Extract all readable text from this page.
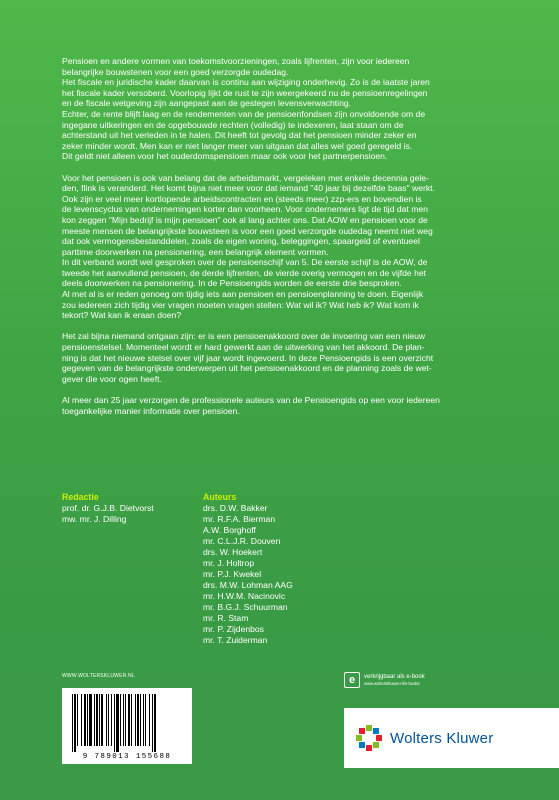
Pensioen en andere vormen van toekomstvoorzieningen, zoals lijfrenten, zijn voor iedereen

belangrijke bouwstenen voor een goed verzorgde oudedag.

Het fiscale en juridische kader daarvan is continu aan wijziging onderhevig. Zo is de laatste jaren

het fiscale kader versoberd. Voorlopig lijkt de rust te zijn weergekeerd nu de pensioenregelingen

en de fiscale wetgeving zijn aangepast aan de gestegen levensverwachting.

Echter, de rente blijft laag en de rendementen van de pensioenfondsen zijn onvoldoende om de

ingegane uitkeringen en de opgebouwde rechten (volledig) te indexeren, laat staan om de

achterstand uit het verleden in te halen. Dit heeft tot gevolg dat het pensioen minder zeker en

zeker minder wordt. Men kan er niet langer meer van uitgaan dat alles wel goed geregeld is.

Dit geldt niet alleen voor het ouderdomspensioen maar ook voor het partnerpensioen.

Voor het pensioen is ook van belang dat de arbeidsmarkt, vergeleken met enkele decennia gele-

den, flink is veranderd. Het komt bijna niet meer voor dat iemand "40 jaar bij dezelfde baas" werkt.

Ook zijn er veel meer kortlopende arbeidscontracten en (steeds meer) zzp-ers en bovendien is

de levenscyclus van ondernemingen korter dan voorheen. Voor ondernemers ligt de tijd dat men

kon zeggen "Mijn bedrijf is mijn pensioen" ook al lang achter ons. Dat AOW en pensioen voor de

meeste mensen de belangrijkste bouwsteen is voor een goed verzorgde oudedag neemt niet weg

dat ook vermogensbestanddelen, zoals de eigen woning, beleggingen, spaargeld of eventueel

parttime doorwerken na pensionering, een belangrijk element vormen.

In dit verband wordt wel gesproken over de pensioenschijf van 5. De eerste schijf is de AOW, de

tweede het aanvullend pensioen, de derde lijfrenten, de vierde overig vermogen en de vijfde het

deels doorwerken na pensionering. In de Pensioengids worden de eerste drie besproken.

Al met al is er reden genoeg om tijdig iets aan pensioen en pensioenplanning te doen. Eigenlijk

zou iedereen zich tijdig vier vragen moeten vragen stellen: Wat wil ik? Wat heb ik? Wat kom ik

tekort? Wat kan ik eraan doen?

Het zal bijna niemand ontgaan zijn: er is een pensioenakkoord over de invoering van een nieuw

pensioenstelsel. Momenteel wordt er hard gewerkt aan de uitwerking van het akkoord. De plan-

ning is dat het nieuwe stelsel over vijf jaar wordt ingevoerd. In deze Pensioengids is een overzicht

gegeven van de belangrijkste onderwerpen uit het pensioenakkoord en de planning zoals de wet-

gever die voor ogen heeft.

Al meer dan 25 jaar verzorgen de professionele auteurs van de Pensioengids op een voor iedereen

toegankelijke manier informatie over pensioen.

Redactie
prof. dr. G.J.B. Dietvorst
mw. mr. J. Dilling
Auteurs
drs. D.W. Bakker
mr. R.F.A. Bierman
A.W. Borghoff
mr. C.L.J.R. Douven
drs. W. Hoekert
mr. J. Holtrop
mr. P.J. Kwekel
drs. M.W. Lohman AAG
mr. H.W.M. Nacinovic
mr. B.G.J. Schuurman
mr. R. Stam
mr. P. Zijdenbos
mr. T. Zuiderman
WWW.WOLTERSKLUWER.NL	e	verkrijgbaar als e-book
www.wolterskluwer.nl/e-books
9 789013 155688
Wolters Kluwer
